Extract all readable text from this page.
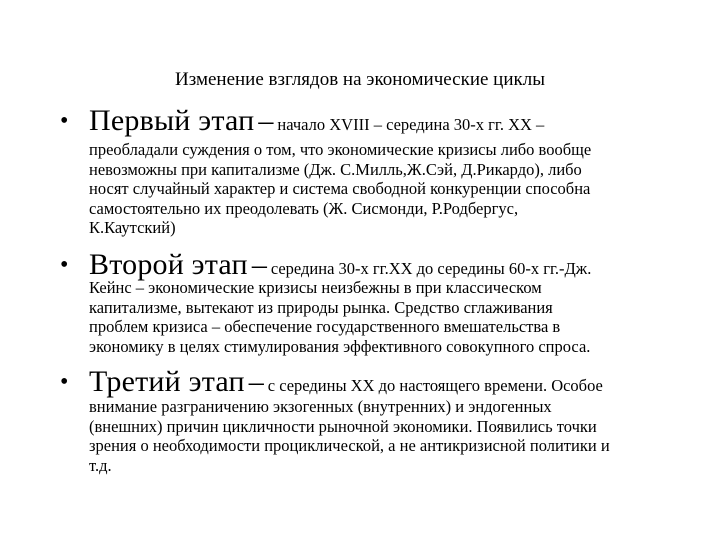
Изменение взглядов на экономические циклы
• Первый этап – начало XVIII – середина 30-х гг. XX –
преобладали суждения о том, что экономические кризисы либо вообще
невозможны при капитализме (Дж. С.Милль,Ж.Сэй, Д.Рикардо), либо
носят случайный характер и система свободной конкуренции способна
самостоятельно их преодолевать (Ж. Сисмонди, Р.Родбергус,
К.Каутский)
• Второй этап – середина 30-х гг.XX до середины 60-х гг.-Дж.
Кейнс – экономические кризисы неизбежны в при классическом
капитализме, вытекают из природы рынка. Средство сглаживания
проблем кризиса – обеспечение государственного вмешательства в
экономику в целях стимулирования эффективного совокупного спроса.
• Третий этап – с середины XX до настоящего времени. Особое
внимание разграничению экзогенных (внутренних) и эндогенных
(внешних) причин цикличности рыночной экономики. Появились точки
зрения о необходимости проциклической, а не антикризисной политики и
т.д.
